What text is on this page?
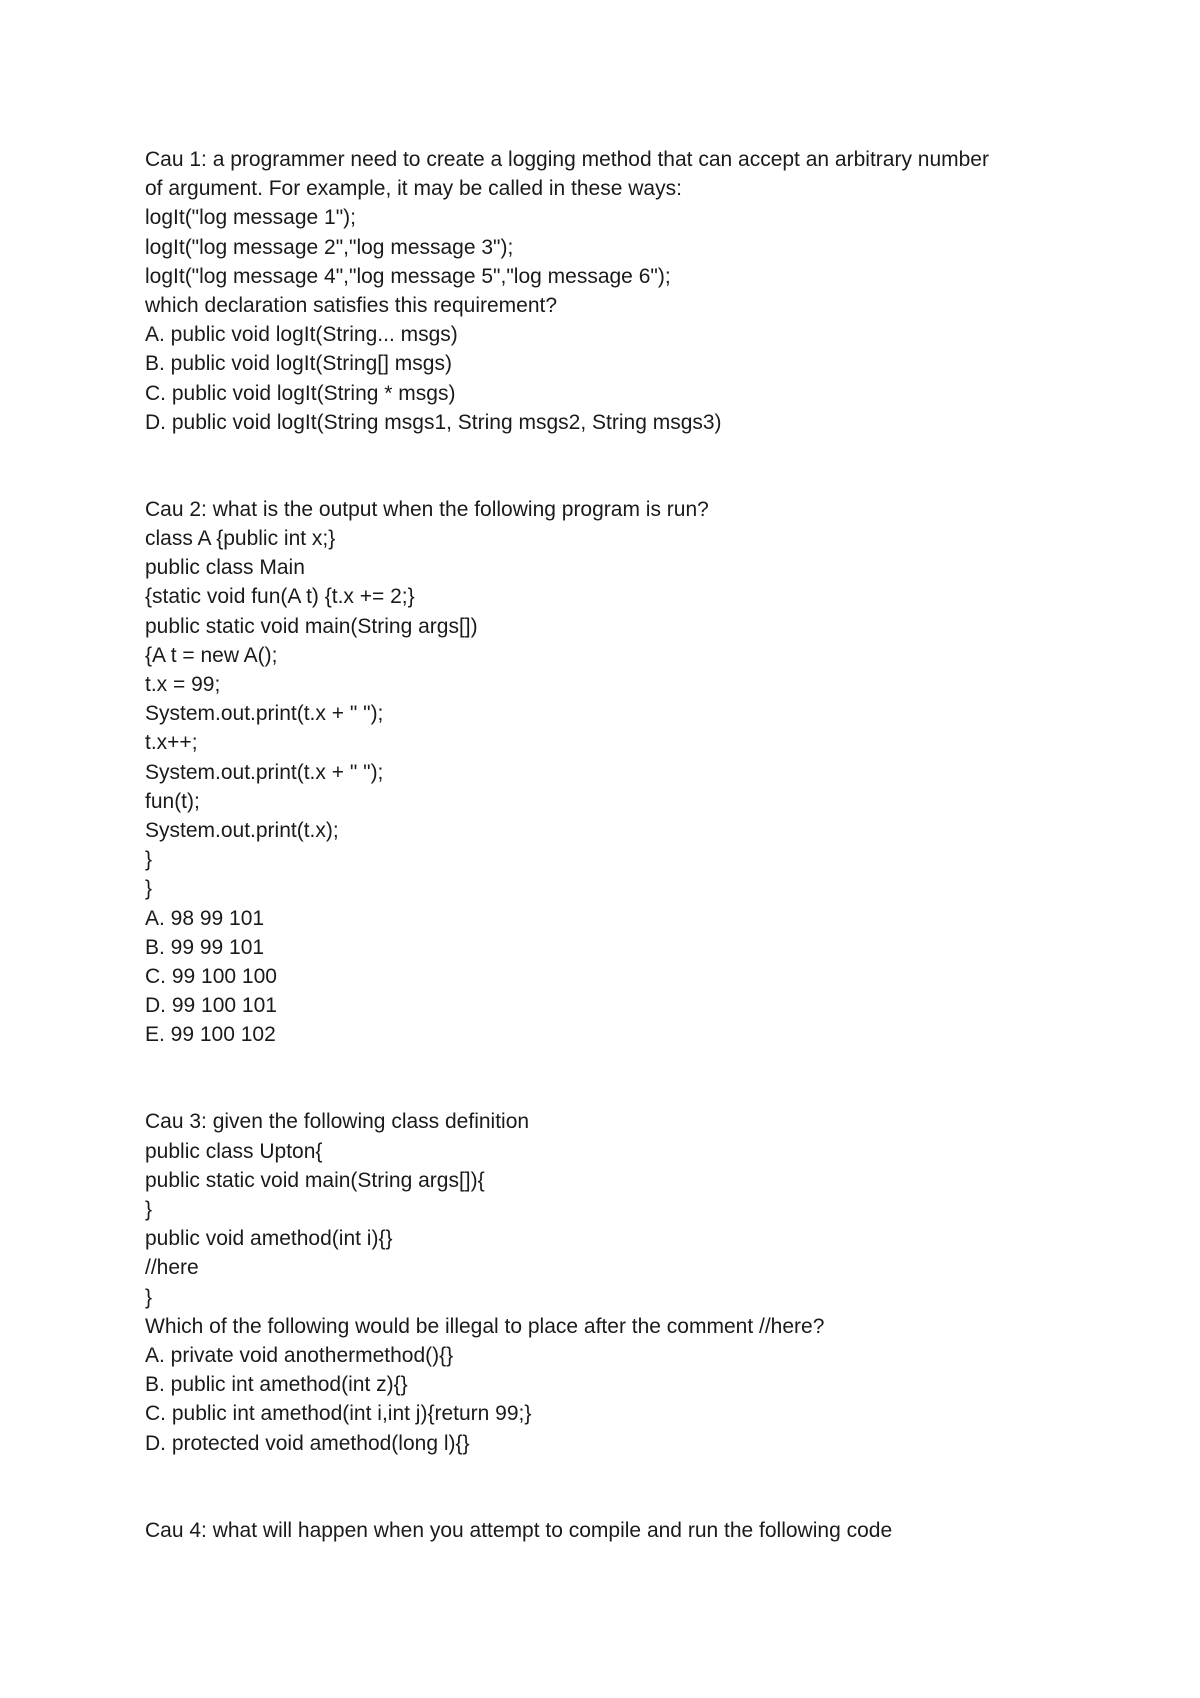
Cau 1: a programmer need to create a logging method that can accept an arbitrary number
of argument. For example, it may be called in these ways:
logIt("log message 1");
logIt("log message 2","log message 3");
logIt("log message 4","log message 5","log message 6");
which declaration satisfies this requirement?
A. public void logIt(String... msgs)
B. public void logIt(String[] msgs)
C. public void logIt(String * msgs)
D. public void logIt(String msgs1, String msgs2, String msgs3)
Cau 2: what is the output when the following program is run?
class A {public int x;}
public class Main
{static void fun(A t) {t.x += 2;}
public static void main(String args[])
{A t = new A();
t.x = 99;
System.out.print(t.x + " ");
t.x++;
System.out.print(t.x + " ");
fun(t);
System.out.print(t.x);
}
}
A. 98 99 101
B. 99 99 101
C. 99 100 100
D. 99 100 101
E. 99 100 102
Cau 3: given the following class definition
public class Upton{
public static void main(String args[]){
}
public void amethod(int i){}
//here
}
Which of the following would be illegal to place after the comment //here?
A. private void anothermethod(){}
B. public int amethod(int z){}
C. public int amethod(int i,int j){return 99;}
D. protected void amethod(long l){}
Cau 4: what will happen when you attempt to compile and run the following code
